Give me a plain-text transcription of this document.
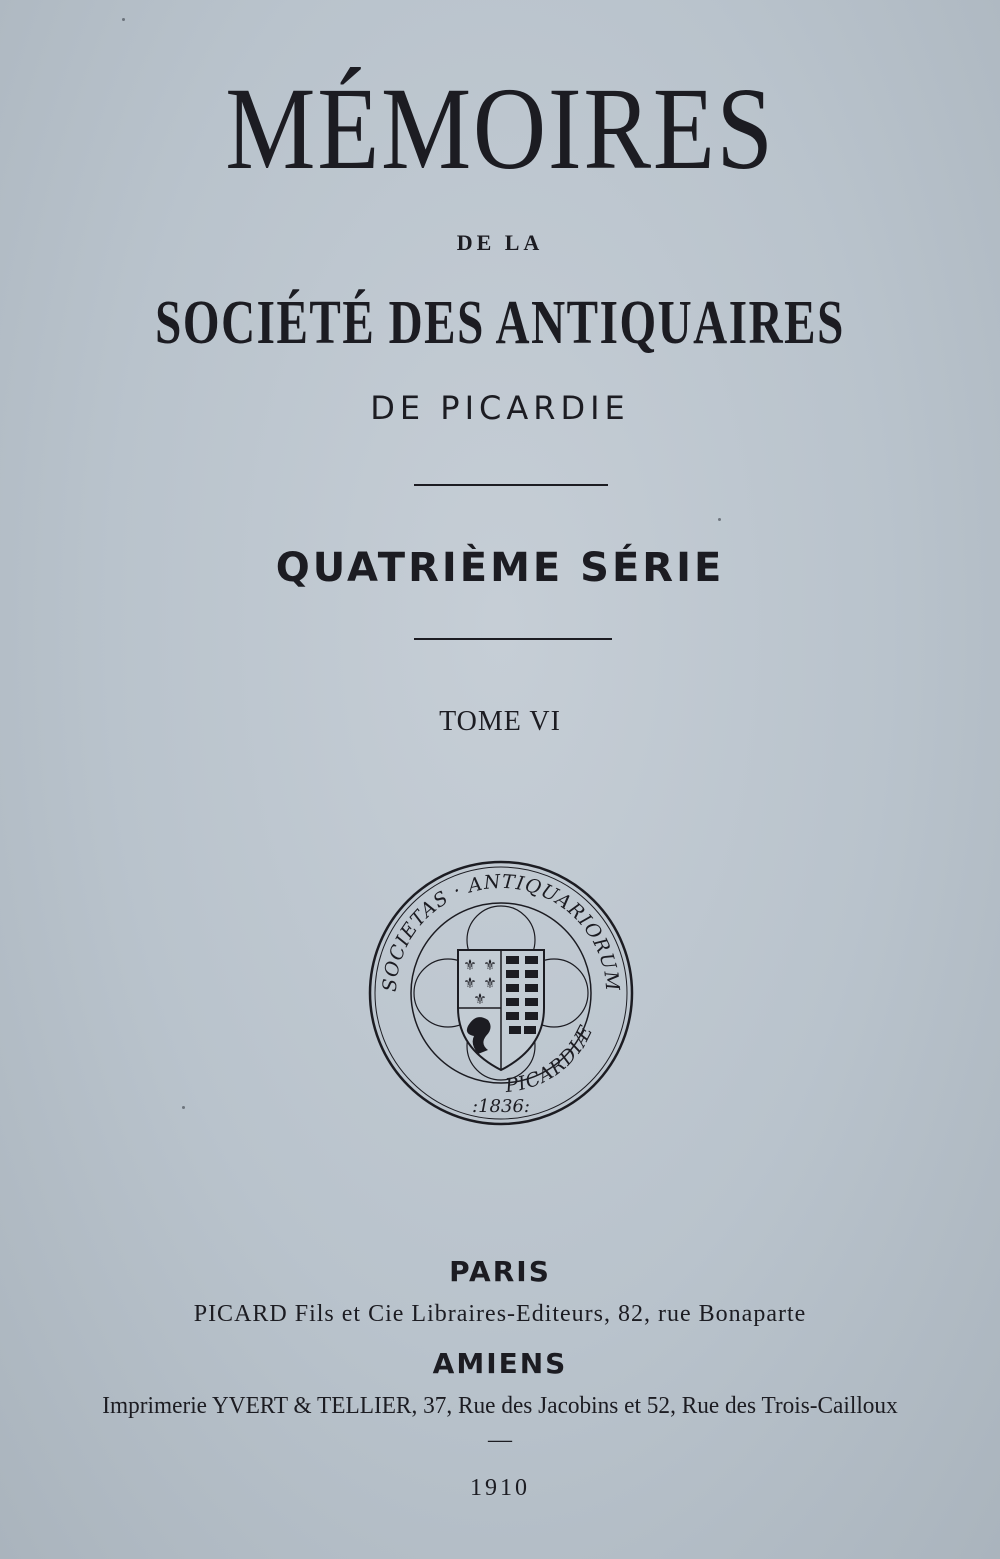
MÉMOIRES
DE LA
SOCIÉTÉ DES ANTIQUAIRES
DE PICARDIE
QUATRIÈME SÉRIE
TOME VI
SOCIETAS · ANTIQUARIORUM
PICARDIÆ
:1836:
⚜ ⚜
⚜ ⚜
⚜
PARIS
PICARD Fils et Cie Libraires-Editeurs, 82, rue Bonaparte
AMIENS
Imprimerie YVERT & TELLIER, 37, Rue des Jacobins et 52, Rue des Trois-Cailloux
—
1910
